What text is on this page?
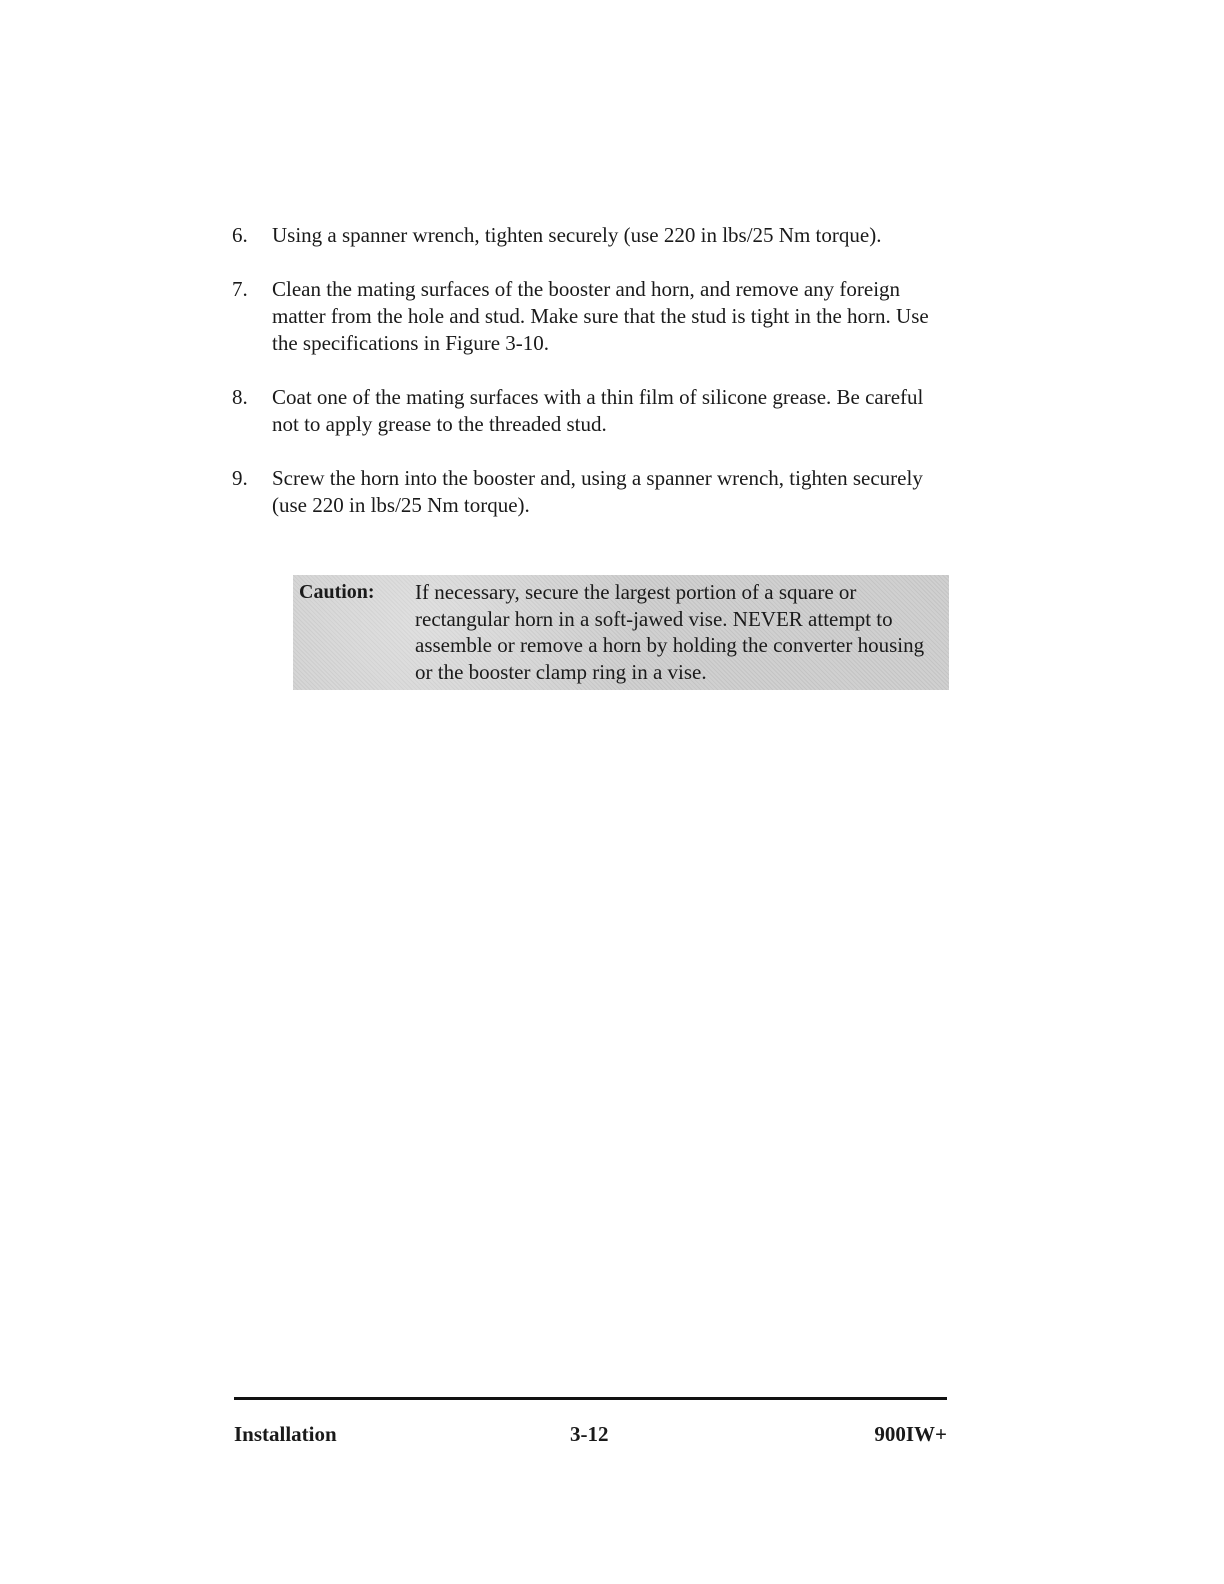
6.	Using a spanner wrench, tighten securely (use 220 in lbs/25 Nm torque).
7.	Clean the mating surfaces of the booster and horn, and remove any foreign matter from the hole and stud. Make sure that the stud is tight in the horn. Use the specifications in Figure 3-10.
8.	Coat one of the mating surfaces with a thin film of silicone grease. Be careful not to apply grease to the threaded stud.
9.	Screw the horn into the booster and, using a spanner wrench, tighten securely (use 220 in lbs/25 Nm torque).
Caution:	If necessary, secure the largest portion of a square or rectangular horn in a soft-jawed vise. NEVER attempt to assemble or remove a horn by holding the converter housing or the booster clamp ring in a vise.
Installation	3-12	900IW+
